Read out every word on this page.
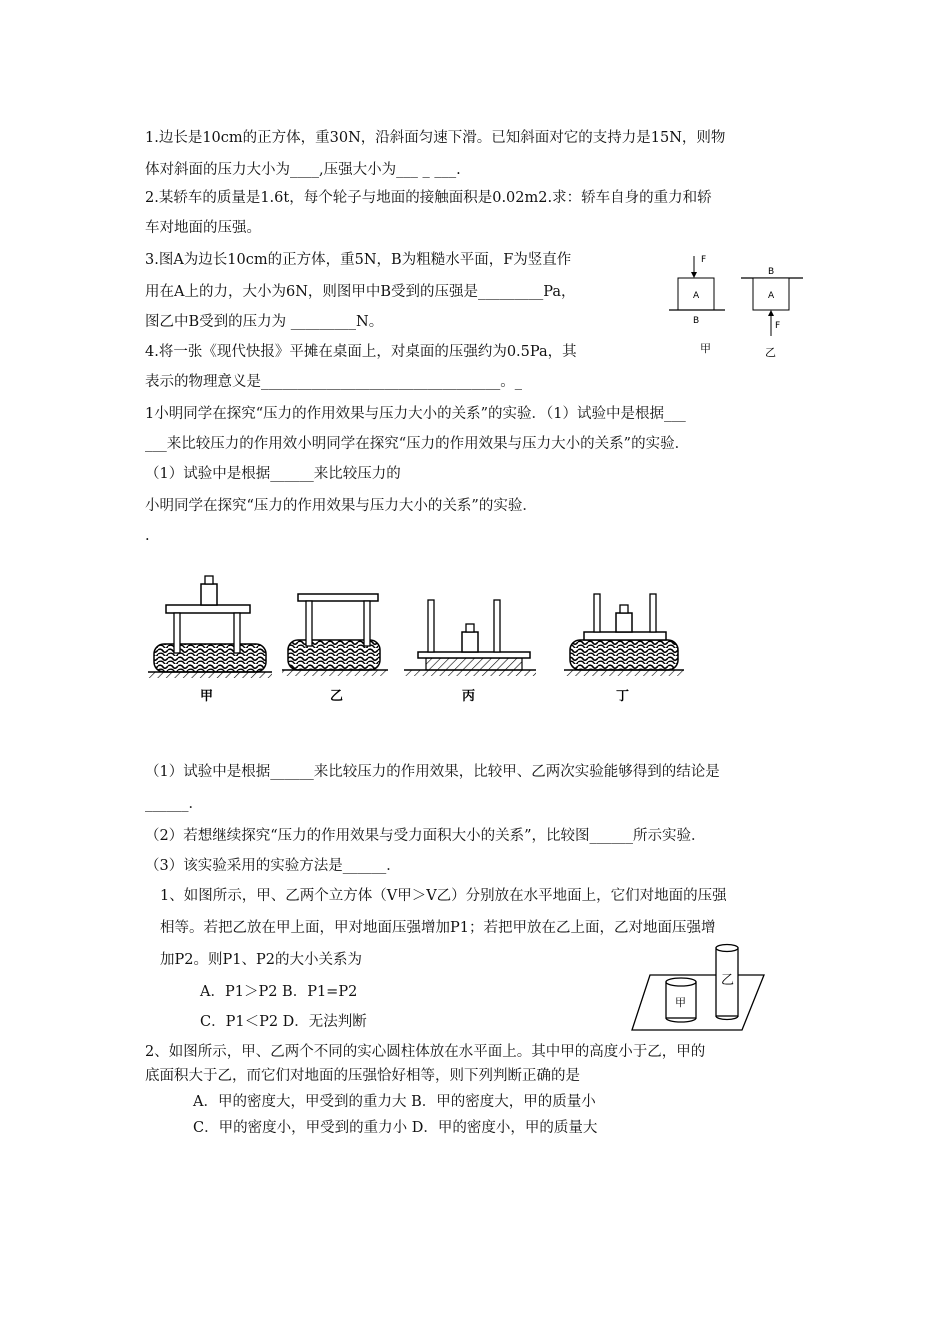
1.边长是10cm的正方体，重30N，沿斜面匀速下滑。已知斜面对它的支持力是15N，则物
体对斜面的压力大小为____,压强大小为___ _ ___.
2.某轿车的质量是1.6t，每个轮子与地面的接触面积是0.02m2.求：轿车自身的重力和轿
车对地面的压强。
3.图A为边长10cm的正方体，重5N，B为粗糙水平面，F为竖直作
用在A上的力，大小为6N，则图甲中B受到的压强是_________Pa，
图乙中B受到的压力为 _________N。
4.将一张《现代快报》平摊在桌面上，对桌面的压强约为0.5Pa，其
表示的物理意义是_________________________________。_
F
A
B
甲
B
A
F
乙
1小明同学在探究“压力的作用效果与压力大小的关系”的实验．（1）试验中是根据___
___来比较压力的作用效小明同学在探究“压力的作用效果与压力大小的关系”的实验．
（1）试验中是根据______来比较压力的
小明同学在探究“压力的作用效果与压力大小的关系”的实验．
.
甲	乙	丙	丁
（1）试验中是根据______来比较压力的作用效果，比较甲、乙两次实验能够得到的结论是
______．
（2）若想继续探究“压力的作用效果与受力面积大小的关系”，比较图______所示实验．
（3）该实验采用的实验方法是______．
1、如图所示，甲、乙两个立方体（V甲＞V乙）分别放在水平地面上，它们对地面的压强
相等。若把乙放在甲上面，甲对地面压强增加P1；若把甲放在乙上面，乙对地面压强增
加P2。则P1、P2的大小关系为
A．P1＞P2 B．P1=P2
C．P1＜P2 D．无法判断
甲
乙
2、如图所示，甲、乙两个不同的实心圆柱体放在水平面上。其中甲的高度小于乙，甲的
底面积大于乙，而它们对地面的压强恰好相等，则下列判断正确的是
A．甲的密度大，甲受到的重力大 B．甲的密度大，甲的质量小
C．甲的密度小，甲受到的重力小 D．甲的密度小，甲的质量大
